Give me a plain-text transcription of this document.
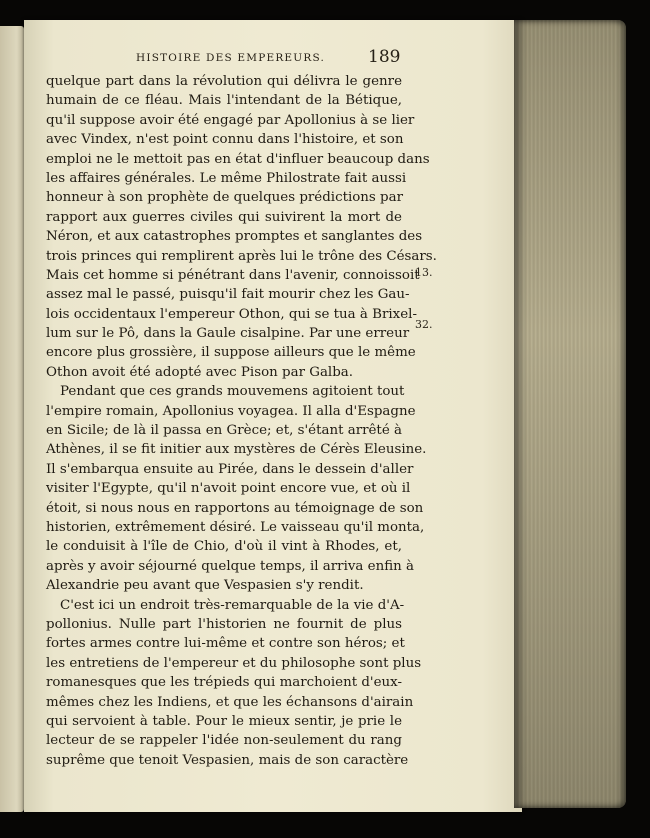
HISTOIRE DES EMPEREURS.	189
quelque part dans la révolution qui délivra le genre
humain de ce fléau. Mais l'intendant de la Bétique,
qu'il suppose avoir été engagé par Apollonius à se lier
avec Vindex, n'est point connu dans l'histoire, et son
emploi ne le mettoit pas en état d'influer beaucoup dans
les affaires générales. Le même Philostrate fait aussi
honneur à son prophète de quelques prédictions par
rapport aux guerres civiles qui suivirent la mort de
Néron, et aux catastrophes promptes et sanglantes des
trois princes qui remplirent après lui le trône des Césars.
Mais cet homme si pénétrant dans l'avenir, connoissoit
assez mal le passé, puisqu'il fait mourir chez les Gau-
lois occidentaux l'empereur Othon, qui se tua à Brixel-
lum sur le Pô, dans la Gaule cisalpine. Par une erreur
encore plus grossière, il suppose ailleurs que le même
Othon avoit été adopté avec Pison par Galba.
Pendant que ces grands mouvemens agitoient tout
l'empire romain, Apollonius voyagea. Il alla d'Espagne
en Sicile; de là il passa en Grèce; et, s'étant arrêté à
Athènes, il se fit initier aux mystères de Cérès Eleusine.
Il s'embarqua ensuite au Pirée, dans le dessein d'aller
visiter l'Egypte, qu'il n'avoit point encore vue, et où il
étoit, si nous nous en rapportons au témoignage de son
historien, extrêmement désiré. Le vaisseau qu'il monta,
le conduisit à l'île de Chio, d'où il vint à Rhodes, et,
après y avoir séjourné quelque temps, il arriva enfin à
Alexandrie peu avant que Vespasien s'y rendit.
C'est ici un endroit très-remarquable de la vie d'A-
pollonius. Nulle part l'historien ne fournit de plus
fortes armes contre lui-même et contre son héros; et
les entretiens de l'empereur et du philosophe sont plus
romanesques que les trépieds qui marchoient d'eux-
mêmes chez les Indiens, et que les échansons d'airain
qui servoient à table. Pour le mieux sentir, je prie le
lecteur de se rappeler l'idée non-seulement du rang
suprême que tenoit Vespasien, mais de son caractère
13.
32.
